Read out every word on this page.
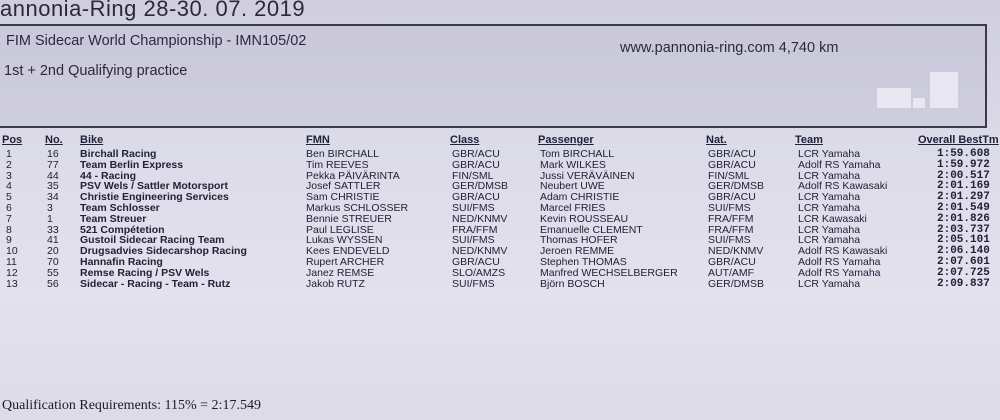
annonia-Ring 28-30. 07. 2019
FIM Sidecar World Championship - IMN105/02	www.pannonia-ring.com 4,740 km
1st + 2nd Qualifying practice
Pos No. Bike	FMN	Class	Passenger	Nat.	Team	Overall BestTm
1	16 Birchall Racing	Ben BIRCHALL	GBR/ACU	Tom BIRCHALL	GBR/ACU	LCR Yamaha	1:59.608
2	77 Team Berlin Express	Tim REEVES	GBR/ACU	Mark WILKES	GBR/ACU	Adolf RS Yamaha	1:59.972
3	44 44 - Racing	Pekka PÄIVÄRINTA	FIN/SML	Jussi VERÄVÄINEN	FIN/SML	LCR Yamaha	2:00.517
4	35 PSV Wels / Sattler Motorsport	Josef SATTLER	GER/DMSB	Neubert UWE	GER/DMSB	Adolf RS Kawasaki	2:01.169
5	34 Christie Engineering Services	Sam CHRISTIE	GBR/ACU	Adam CHRISTIE	GBR/ACU	LCR Yamaha	2:01.297
6	3	Team Schlosser	Markus SCHLOSSER	SUI/FMS	Marcel FRIES	SUI/FMS	LCR Yamaha	2:01.549
7	1	Team Streuer	Bennie STREUER	NED/KNMV	Kevin ROUSSEAU	FRA/FFM	LCR Kawasaki	2:01.826
8	33 521 Compétetion	Paul LEGLISE	FRA/FFM	Emanuelle CLEMENT	FRA/FFM	LCR Yamaha	2:03.737
9	41 Gustoil Sidecar Racing Team	Lukas WYSSEN	SUI/FMS	Thomas HOFER	SUI/FMS	LCR Yamaha	2:05.101
10	20 Drugsadvies Sidecarshop Racing	Kees ENDEVELD	NED/KNMV	Jeroen REMME	NED/KNMV	Adolf RS Kawasaki	2:06.140
11	70 Hannafin Racing	Rupert ARCHER	GBR/ACU	Stephen THOMAS	GBR/ACU	Adolf RS Yamaha	2:07.601
12	55 Remse Racing / PSV Wels	Janez REMSE	SLO/AMZS	Manfred WECHSELBERGER	AUT/AMF	Adolf RS Yamaha	2:07.725
13	56 Sidecar - Racing - Team - Rutz	Jakob RUTZ	SUI/FMS	Björn BOSCH	GER/DMSB	LCR Yamaha	2:09.837
Qualification Requirements: 115% = 2:17.549
